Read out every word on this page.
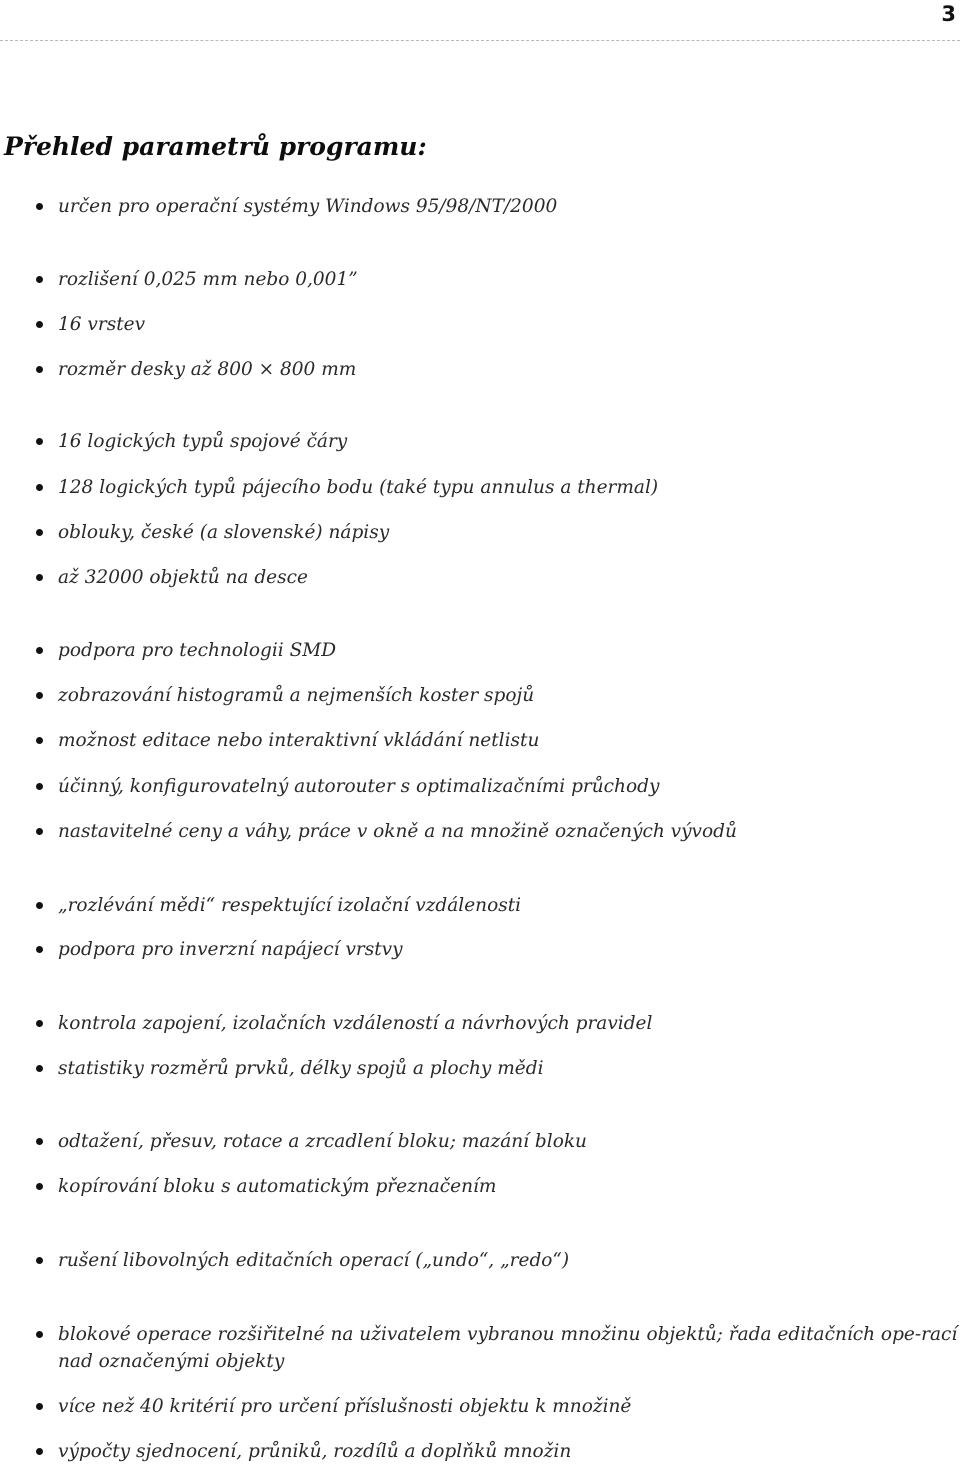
3
Přehled parametrů programu:
určen pro operační systémy Windows 95/98/NT/2000
rozlišení 0,025 mm nebo 0,001”
16 vrstev
rozměr desky až 800 × 800 mm
16 logických typů spojové čáry
128 logických typů pájecího bodu (také typu annulus a thermal)
oblouky, české (a slovenské) nápisy
až 32000 objektů na desce
podpora pro technologii SMD
zobrazování histogramů a nejmenších koster spojů
možnost editace nebo interaktivní vkládání netlistu
účinný, konfigurovatelný autorouter s optimalizačními průchody
nastavitelné ceny a váhy, práce v okně a na množině označených vývodů
„rozlévání mědi“ respektující izolační vzdálenosti
podpora pro inverzní napájecí vrstvy
kontrola zapojení, izolačních vzdáleností a návrhových pravidel
statistiky rozměrů prvků, délky spojů a plochy mědi
odtažení, přesuv, rotace a zrcadlení bloku; mazání bloku
kopírování bloku s automatickým přeznačením
rušení libovolných editačních operací („undo“, „redo“)
blokové operace rozšiřitelné na uživatelem vybranou množinu objektů; řada editačních ope-rací nad označenými objekty
více než 40 kritérií pro určení příslušnosti objektu k množině
výpočty sjednocení, průniků, rozdílů a doplňků množin
